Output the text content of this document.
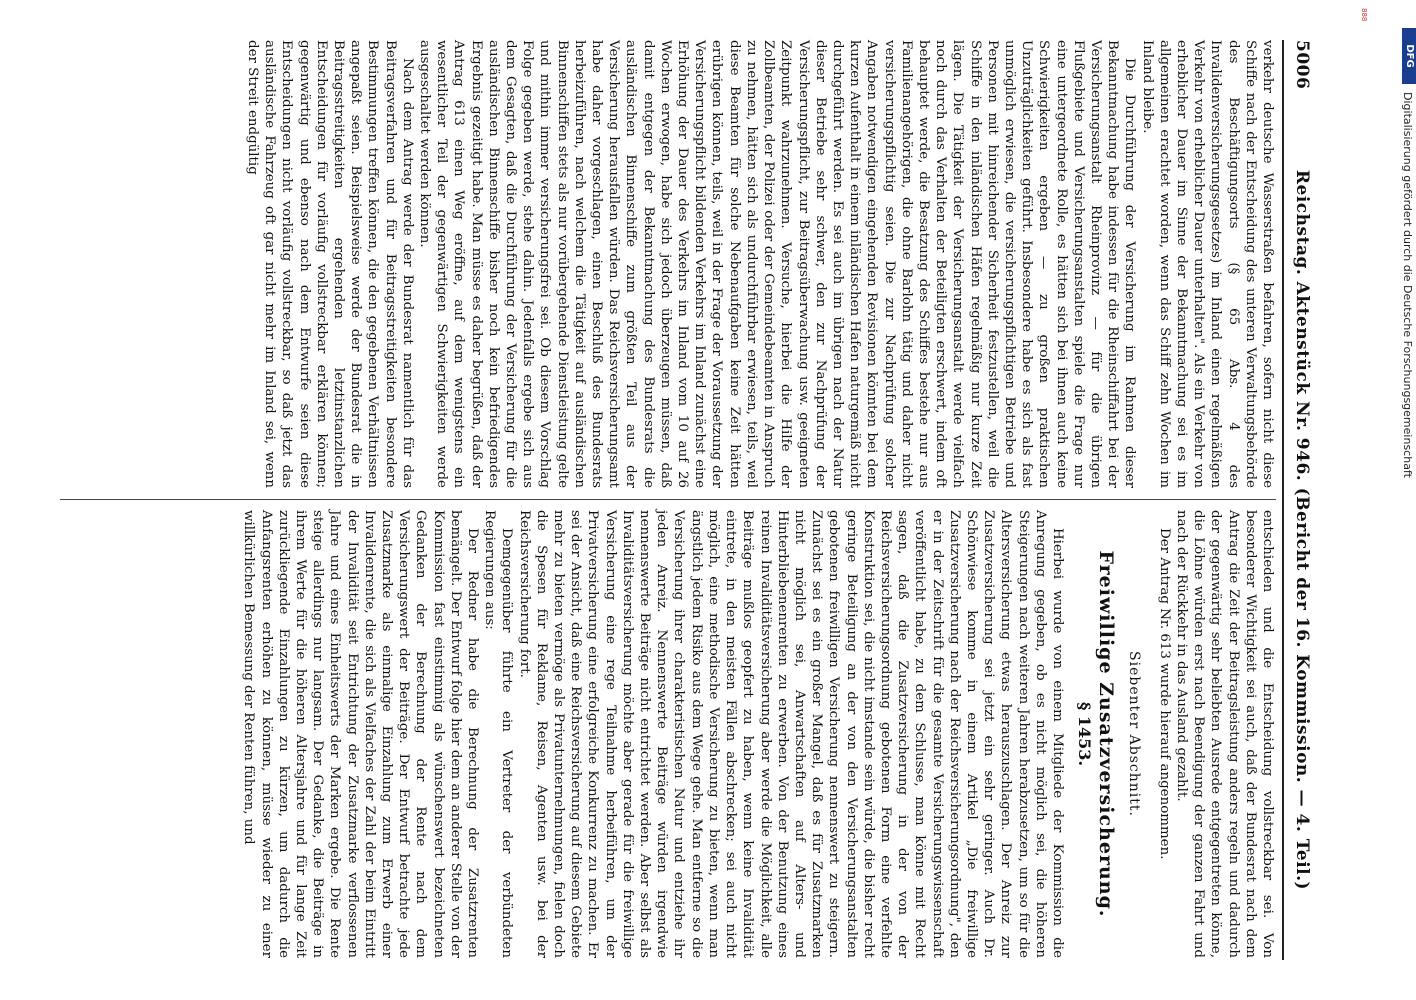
5006
Reichstag. Aktenstück Nr. 946. (Bericht der 16. Kommission. — 4. Teil.)

verkehr deutsche Wasserstraßen befahren, sofern nicht diese Schiffe nach der Entscheidung des unteren Verwaltungsbehörde des Beschäftigungsorts (§ 65 Abs. 4 des Invalidenversicherungsgesetzes) im Inland einen regelmäßigen Verkehr von erheblicher Dauer unterhalten". Als ein Verkehr von erheblicher Dauer im Sinne der Bekanntmachung sei es im allgemeinen erachtet worden, wenn das Schiff zehn Wochen im Inland bleibe.

Die Durchführung der Versicherung im Rahmen dieser Bekanntmachung habe indessen für die Rheinschiffahrt bei der Versicherungsanstalt Rheinprovinz — für die übrigen Flußgebiete und Versicherungsanstalten spiele die Frage nur eine untergeordnete Rolle, es hätten sich bei ihnen auch keine Schwierigkeiten ergeben — zu großen praktischen Unzuträglichkeiten geführt. Insbesondere habe es sich als fast unmöglich erwiesen, die versicherungspflichtigen Betriebe und Personen mit hinreichender Sicherheit festzustellen, weil die Schiffe in den inländischen Häfen regelmäßig nur kurze Zeit lägen. Die Tätigkeit der Versicherungsanstalt werde vielfach noch durch das Verhalten der Beteiligten erschwert, indem oft behauptet werde, die Besatzung des Schiffes bestehe nur aus Familienangehörigen, die ohne Barlohn tätig und daher nicht versicherungspflichtig seien. Die zur Nachprüfung solcher Angaben notwendigen eingehenden Revisionen könnten bei dem kurzen Aufenthalt in einem inländischen Hafen naturgemäß nicht durchgeführt werden. Es sei auch im übrigen nach der Natur dieser Betriebe sehr schwer, den zur Nachprüfung der Versicherungspflicht, zur Beitragsüberwachung usw. geeigneten Zeitpunkt wahrzunehmen. Versuche, hierbei die Hilfe der Zollbeamten, der Polizei oder der Gemeindebeamten in Anspruch zu nehmen, hätten sich als undurchführbar erwiesen, teils, weil diese Beamten für solche Nebenaufgaben keine Zeit hätten erübrigen können, teils, weil in der Frage der Voraussetzung der Versicherungspflicht bildenden Verkehrs im Inland zunächst eine Erhöhung der Dauer des Verkehrs im Inland vom 10 auf 26 Wochen erwogen, habe sich jedoch überzeugen müssen, daß damit entgegen der Bekanntmachung des Bundesrats die ausländischen Binnenschiffe zum größten Teil aus der Versicherung herausfallen würden. Das Reichsversicherungsamt habe daher vorgeschlagen, einen Beschluß des Bundesrats herbeizuführen, nach welchem die Tätigkeit auf ausländischen Binnenschiffen stets als nur vorübergehende Dienstleistung gelte und mithin immer versicherungsfrei sei. Ob diesem Vorschlag Folge gegeben werde, stehe dahin. Jedenfalls ergebe sich aus dem Gesagten, daß die Durchführung der Versicherung für die ausländischen Binnenschiffe bisher noch kein befriedigendes Ergebnis gezeitigt habe. Man müsse es daher begrüßen, daß der Antrag 613 einen Weg eröffne, auf dem wenigstens ein wesentlicher Teil der gegenwärtigen Schwierigkeiten werde ausgeschaltet werden können.

Nach dem Antrag werde der Bundesrat namentlich für das Beitragsverfahren und für Beitragsstreitigkeiten besondere Bestimmungen treffen können, die den gegebenen Verhältnissen angepaßt seien. Beispielsweise werde der Bundesrat die in Beitragsstreitigkeiten ergehenden letztinstanzlichen Entscheidungen für vorläufig vollstreckbar erklären können; gegenwärtig und ebenso nach dem Entwurfe seien diese Entscheidungen nicht vorläufig vollstreckbar, so daß jetzt das ausländische Fahrzeug oft gar nicht mehr im Inland sei, wenn der Streit endgültig

entschieden und die Entscheidung vollstreckbar sei. Von besonderer Wichtigkeit sei auch, daß der Bundesrat nach dem Antrag die Zeit der Beitragsleistung anders regeln und dadurch der gegenwärtig sehr beliebten Ausrede entgegentreten könne, die Löhne würden erst nach Beendigung der ganzen Fahrt und nach der Rückkehr in das Ausland gezahlt.

Der Antrag Nr. 613 wurde hierauf angenommen.

Siebenter Abschnitt.
Freiwillige Zusatzversicherung.
§ 1453.

Hierbei wurde von einem Mitgliede der Kommission die Anregung gegeben, ob es nicht möglich sei, die höheren Steigerungen nach weiteren Jahren herabzusetzen, um so für die Altersversicherung etwas herauszuschlagen. Der Anreiz zur Zusatzversicherung sei jetzt ein sehr geringer. Auch Dr. Schönwiese komme in einem Artikel „Die freiwillige Zusatzversicherung nach der Reichsversicherungsordnung", den er in der Zeitschrift für die gesamte Versicherungswissenschaft veröffentlicht habe, zu dem Schlusse, man könne mit Recht sagen, daß die Zusatzversicherung in der von der Reichsversicherungsordnung gebotenen Form eine verfehlte Konstruktion sei, die nicht imstande sein würde, die bisher recht geringe Beteiligung an der von den Versicherungsanstalten gebotenen freiwilligen Versicherung nennenswert zu steigern. Zunächst sei es ein großer Mangel, daß es für Zusatzmarken nicht möglich sei, Anwartschaften auf Alters- und Hinterbliebenenrenten zu erwerben. Von der Benutzung eines reinen Invaliditätsversicherung aber werde die Möglichkeit, alle Beiträge mußlos geopfert zu haben, wenn keine Invalidität eintrete, in den meisten Fällen abschrecken; sei auch nicht möglich, eine methodische Versicherung zu bieten, wenn man ängstlich jedem Risiko aus dem Wege gehe. Man entferne so die Versicherung ihrer charakteristischen Natur und entziehe ihr jeden Anreiz. Nennenswerte Beiträge würden irgendwie nennenswerte Beiträge nicht entrichtet werden. Aber selbst als Invaliditätsversicherung möchte aber gerade für die freiwillige Versicherung eine rege Teilnahme herbeiführen, um der Privatversicherung eine erfolgreiche Konkurrenz zu machen. Er sei der Ansicht, daß eine Reichsversicherung auf diesem Gebiete mehr zu bieten vermöge als Privatunternehmungen, fielen doch die Spesen für Reklame, Reisen, Agenten usw. bei der Reichsversicherung fort.

Demgegenüber führte ein Vertreter der verbündeten Regierungen aus:

Der Redner habe die Berechnung der Zusatzrenten bemängelt. Der Entwurf folge hier dem an anderer Stelle von der Kommission fast einstimmig als wünschenswert bezeichneten Gedanken der Berechnung der Rente nach dem Versicherungswert der Beiträge. Der Entwurf betrachte jede Zusatzmarke als einmalige Einzahlung zum Erwerb einer Invalidenrente, die sich als Vielfaches der Zahl der beim Eintritt der Invalidität seit Entrichtung der Zusatzmarke verflossenen Jahre und eines Einheitswerts der Marken ergebe. Die Rente steige allerdings nur langsam. Der Gedanke, die Beiträge in ihrem Werte für die höheren Altersjahre und für lange Zeit zurückliegende Einzahlungen zu kürzen, um dadurch die Anfangsrenten erhöhen zu können, müsse wieder zu einer willkürlichen Bemessung der Renten führen, und

DFG
Digitalisierung gefördert durch die Deutsche Forschungsgemeinschaft
888
